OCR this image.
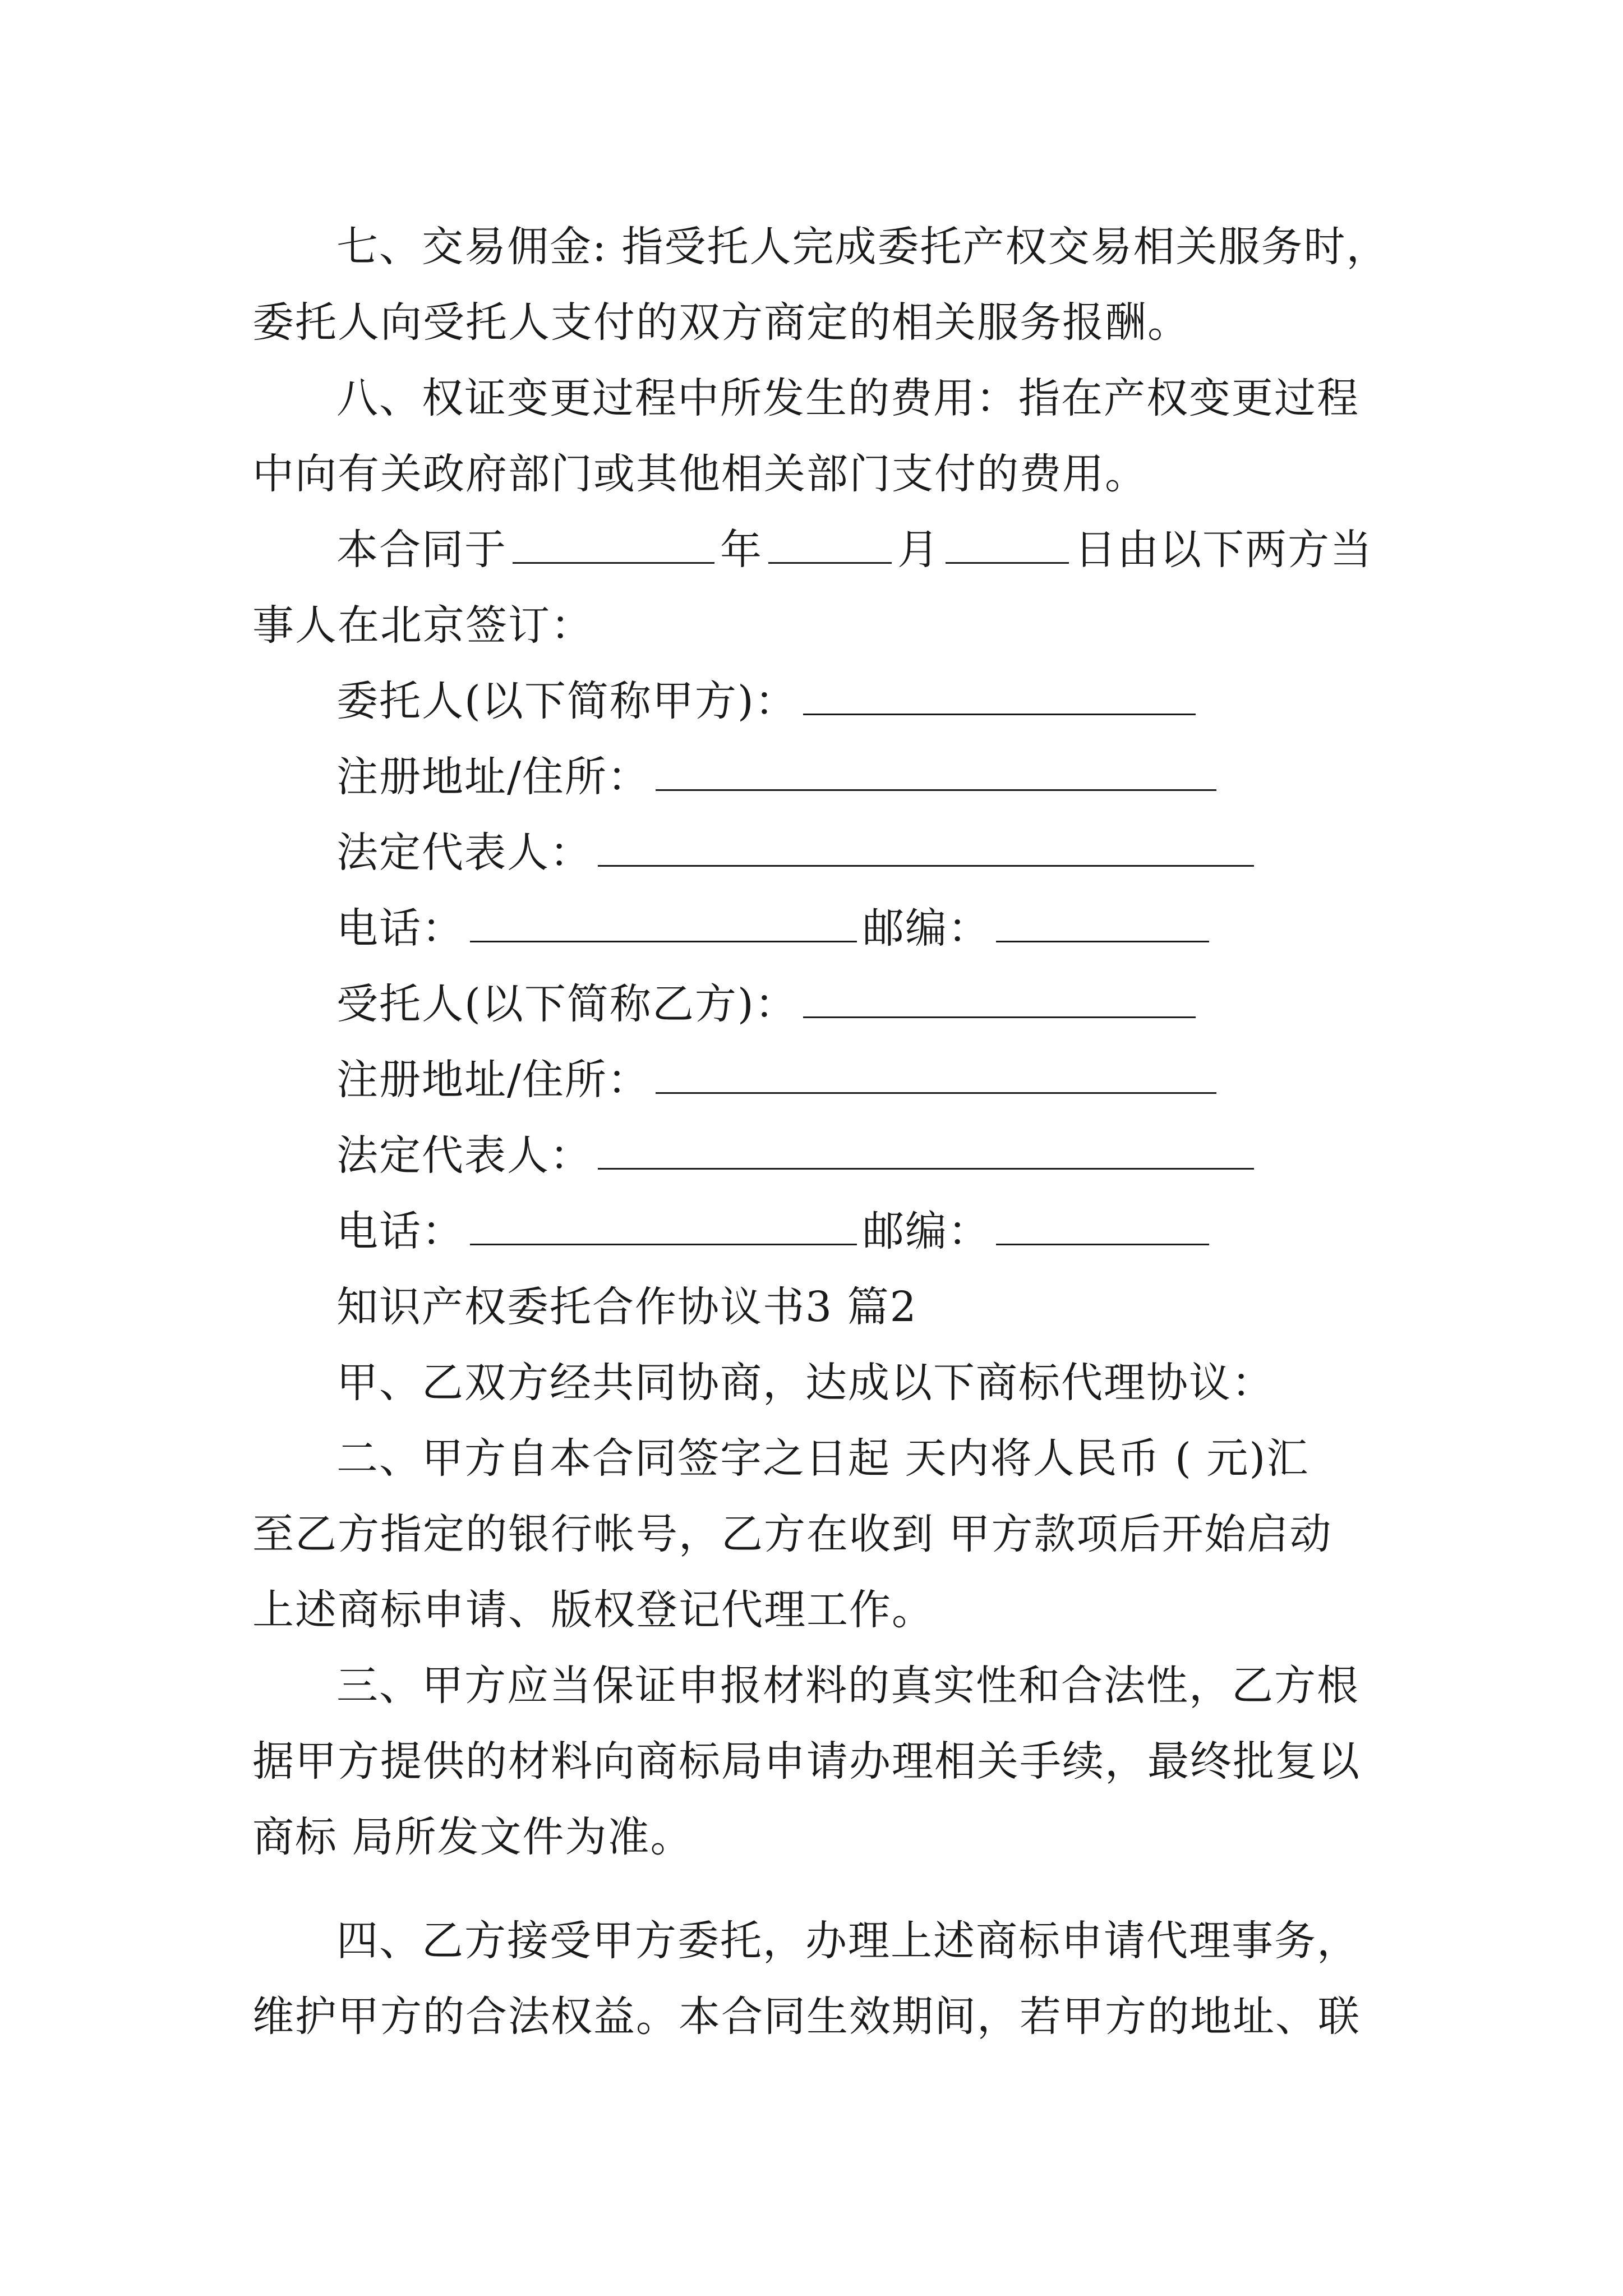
七、交易佣金: 指受托人完成委托产权交易相关服务时，
委托人向受托人支付的双方商定的相关服务报酬。
八、权证变更过程中所发生的费用：指在产权变更过程
中向有关政府部门或其他相关部门支付的费用。
本合同于	年	月	日由以下两方当
事人在北京签订：
委托人(以下简称甲方)：
注册地址/住所：
法定代表人：
电话：	邮编：
受托人(以下简称乙方)：
注册地址/住所：
法定代表人：
电话：	邮编：
知识产权委托合作协议书3 篇2
甲、乙双方经共同协商，达成以下商标代理协议：
二、甲方自本合同签字之日起 天内将人民币 ( 元)汇
至乙方指定的银行帐号，乙方在收到 甲方款项后开始启动
上述商标申请、版权登记代理工作。
三、甲方应当保证申报材料的真实性和合法性，乙方根
据甲方提供的材料向商标局申请办理相关手续，最终批复以
商标 局所发文件为准。
四、乙方接受甲方委托，办理上述商标申请代理事务，
维护甲方的合法权益。本合同生效期间，若甲方的地址、联
